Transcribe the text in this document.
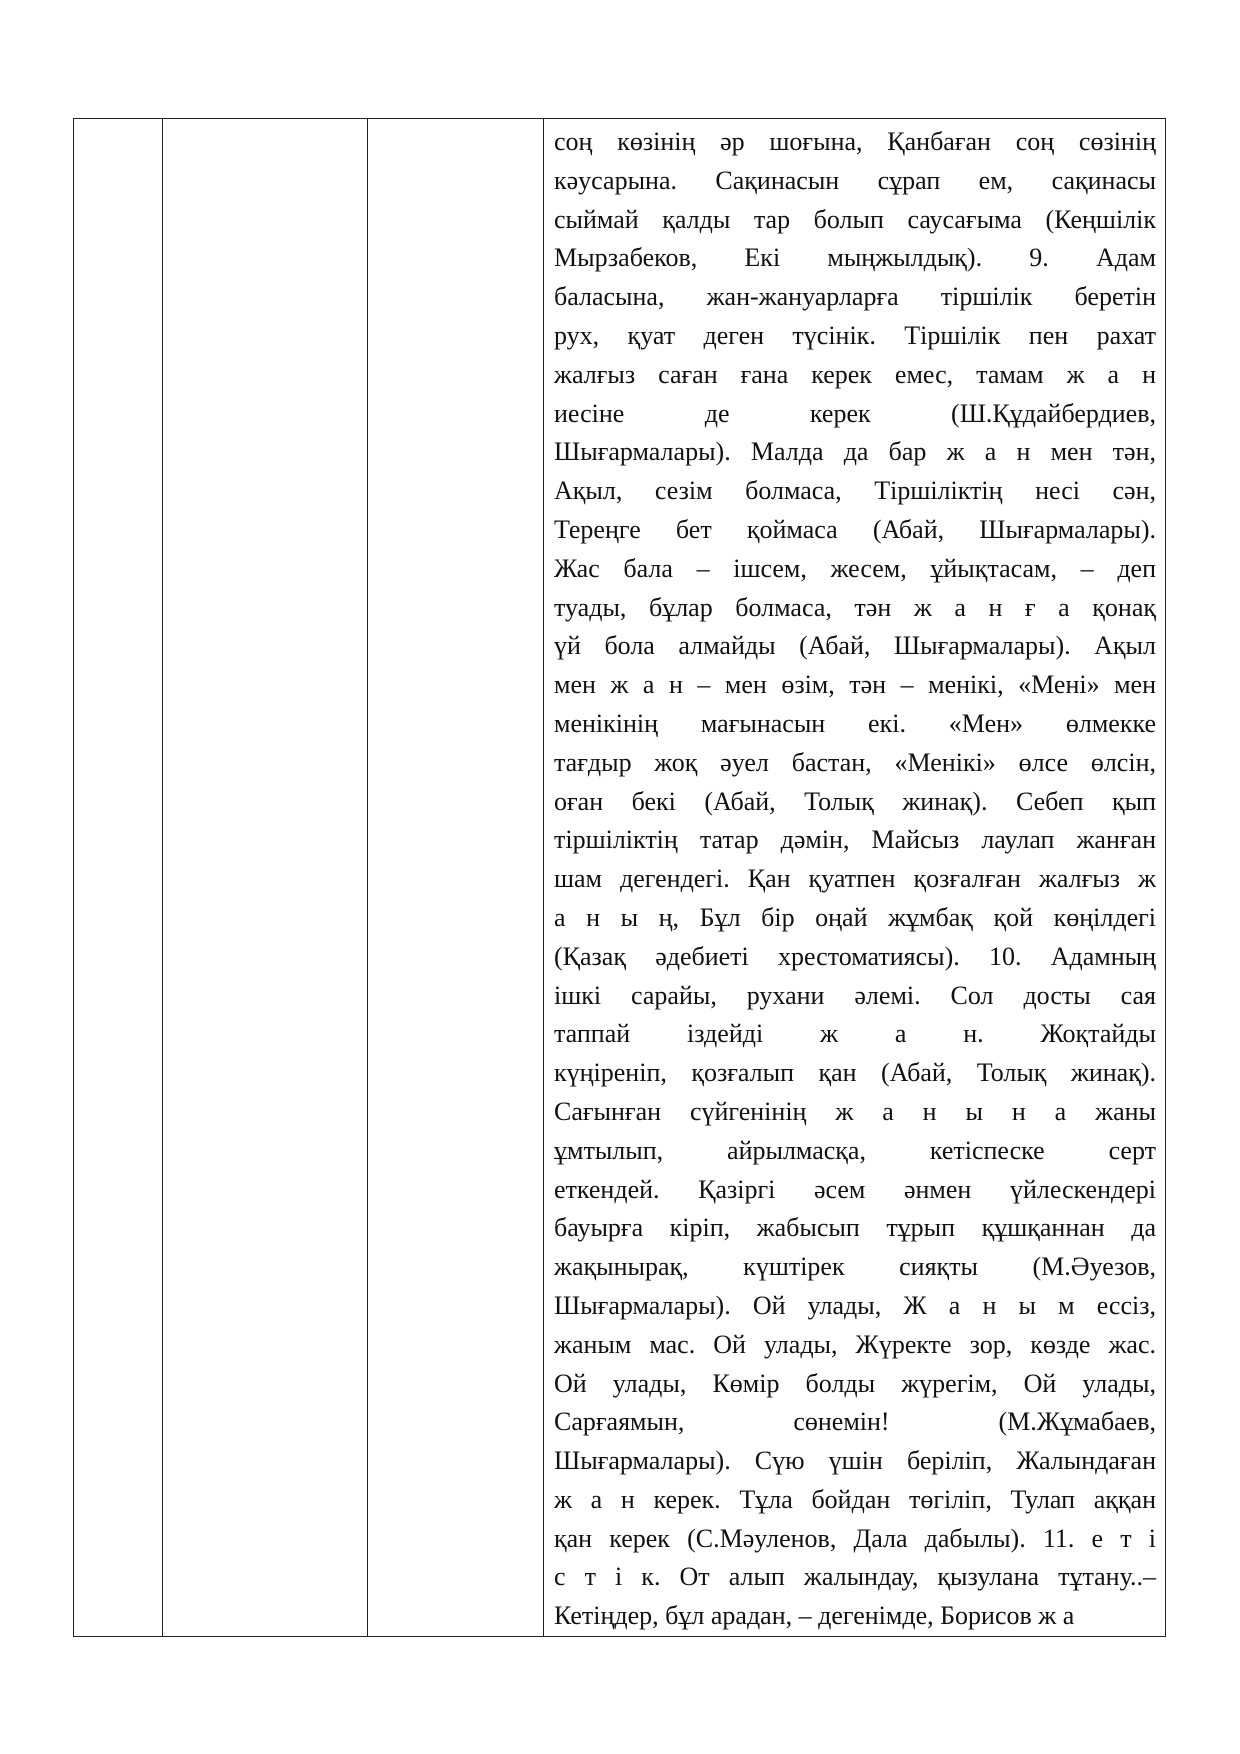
соң көзінің әр шоғына, Қанбаған соң сөзінің
кәусарына. Сақинасын сұрап ем, сақинасы
сыймай қалды тар болып саусағыма (Кеңшілік
Мырзабеков, Екі мыңжылдық). 9. Адам
баласына, жан-жануарларға тіршілік беретін
рух, қуат деген түсінік. Тіршілік пен рахат
жалғыз саған ғана керек емес, тамам ж а н
иесіне де керек (Ш.Құдайбердиев,
Шығармалары). Малда да бар ж а н мен тән,
Ақыл, сезім болмаса, Тіршіліктің несі сән,
Тереңге бет қоймаса (Абай, Шығармалары).
Жас бала – ішсем, жесем, ұйықтасам, – деп
туады, бұлар болмаса, тән ж а н ғ а қонақ
үй бола алмайды (Абай, Шығармалары). Ақыл
мен ж а н – мен өзім, тән – менікі, «Мені» мен
менікінің мағынасын екі. «Мен» өлмекке
тағдыр жоқ әуел бастан, «Менікі» өлсе өлсін,
оған бекі (Абай, Толық жинақ). Себеп қып
тіршіліктің татар дәмін, Майсыз лаулап жанған
шам дегендегі. Қан қуатпен қозғалған жалғыз ж
а н ы ң, Бұл бір оңай жұмбақ қой көңілдегі
(Қазақ әдебиеті хрестоматиясы). 10. Адамның
ішкі сарайы, рухани әлемі. Сол досты сая
таппай іздейді ж а н. Жоқтайды
күңіреніп, қозғалып қан (Абай, Толық жинақ).
Сағынған сүйгенінің ж а н ы н а жаны
ұмтылып, айрылмасқа, кетіспеске серт
еткендей. Қазіргі әсем әнмен үйлескендері
бауырға кіріп, жабысып тұрып құшқаннан да
жақынырақ, күштірек сияқты (М.Әуезов,
Шығармалары). Ой улады, Ж а н ы м ессіз,
жаным мас. Ой улады, Жүректе зор, көзде жас.
Ой улады, Көмір болды жүрегім, Ой улады,
Сарғаямын, сөнемін! (М.Жұмабаев,
Шығармалары). Сүю үшін беріліп, Жалындаған
ж а н керек. Тұла бойдан төгіліп, Тулап аққан
қан керек (С.Мәуленов, Дала дабылы). 11. е т і
с т і к. От алып жалындау, қызулана тұтану..–
Кетіңдер, бұл арадан, – дегенімде, Борисов ж а
